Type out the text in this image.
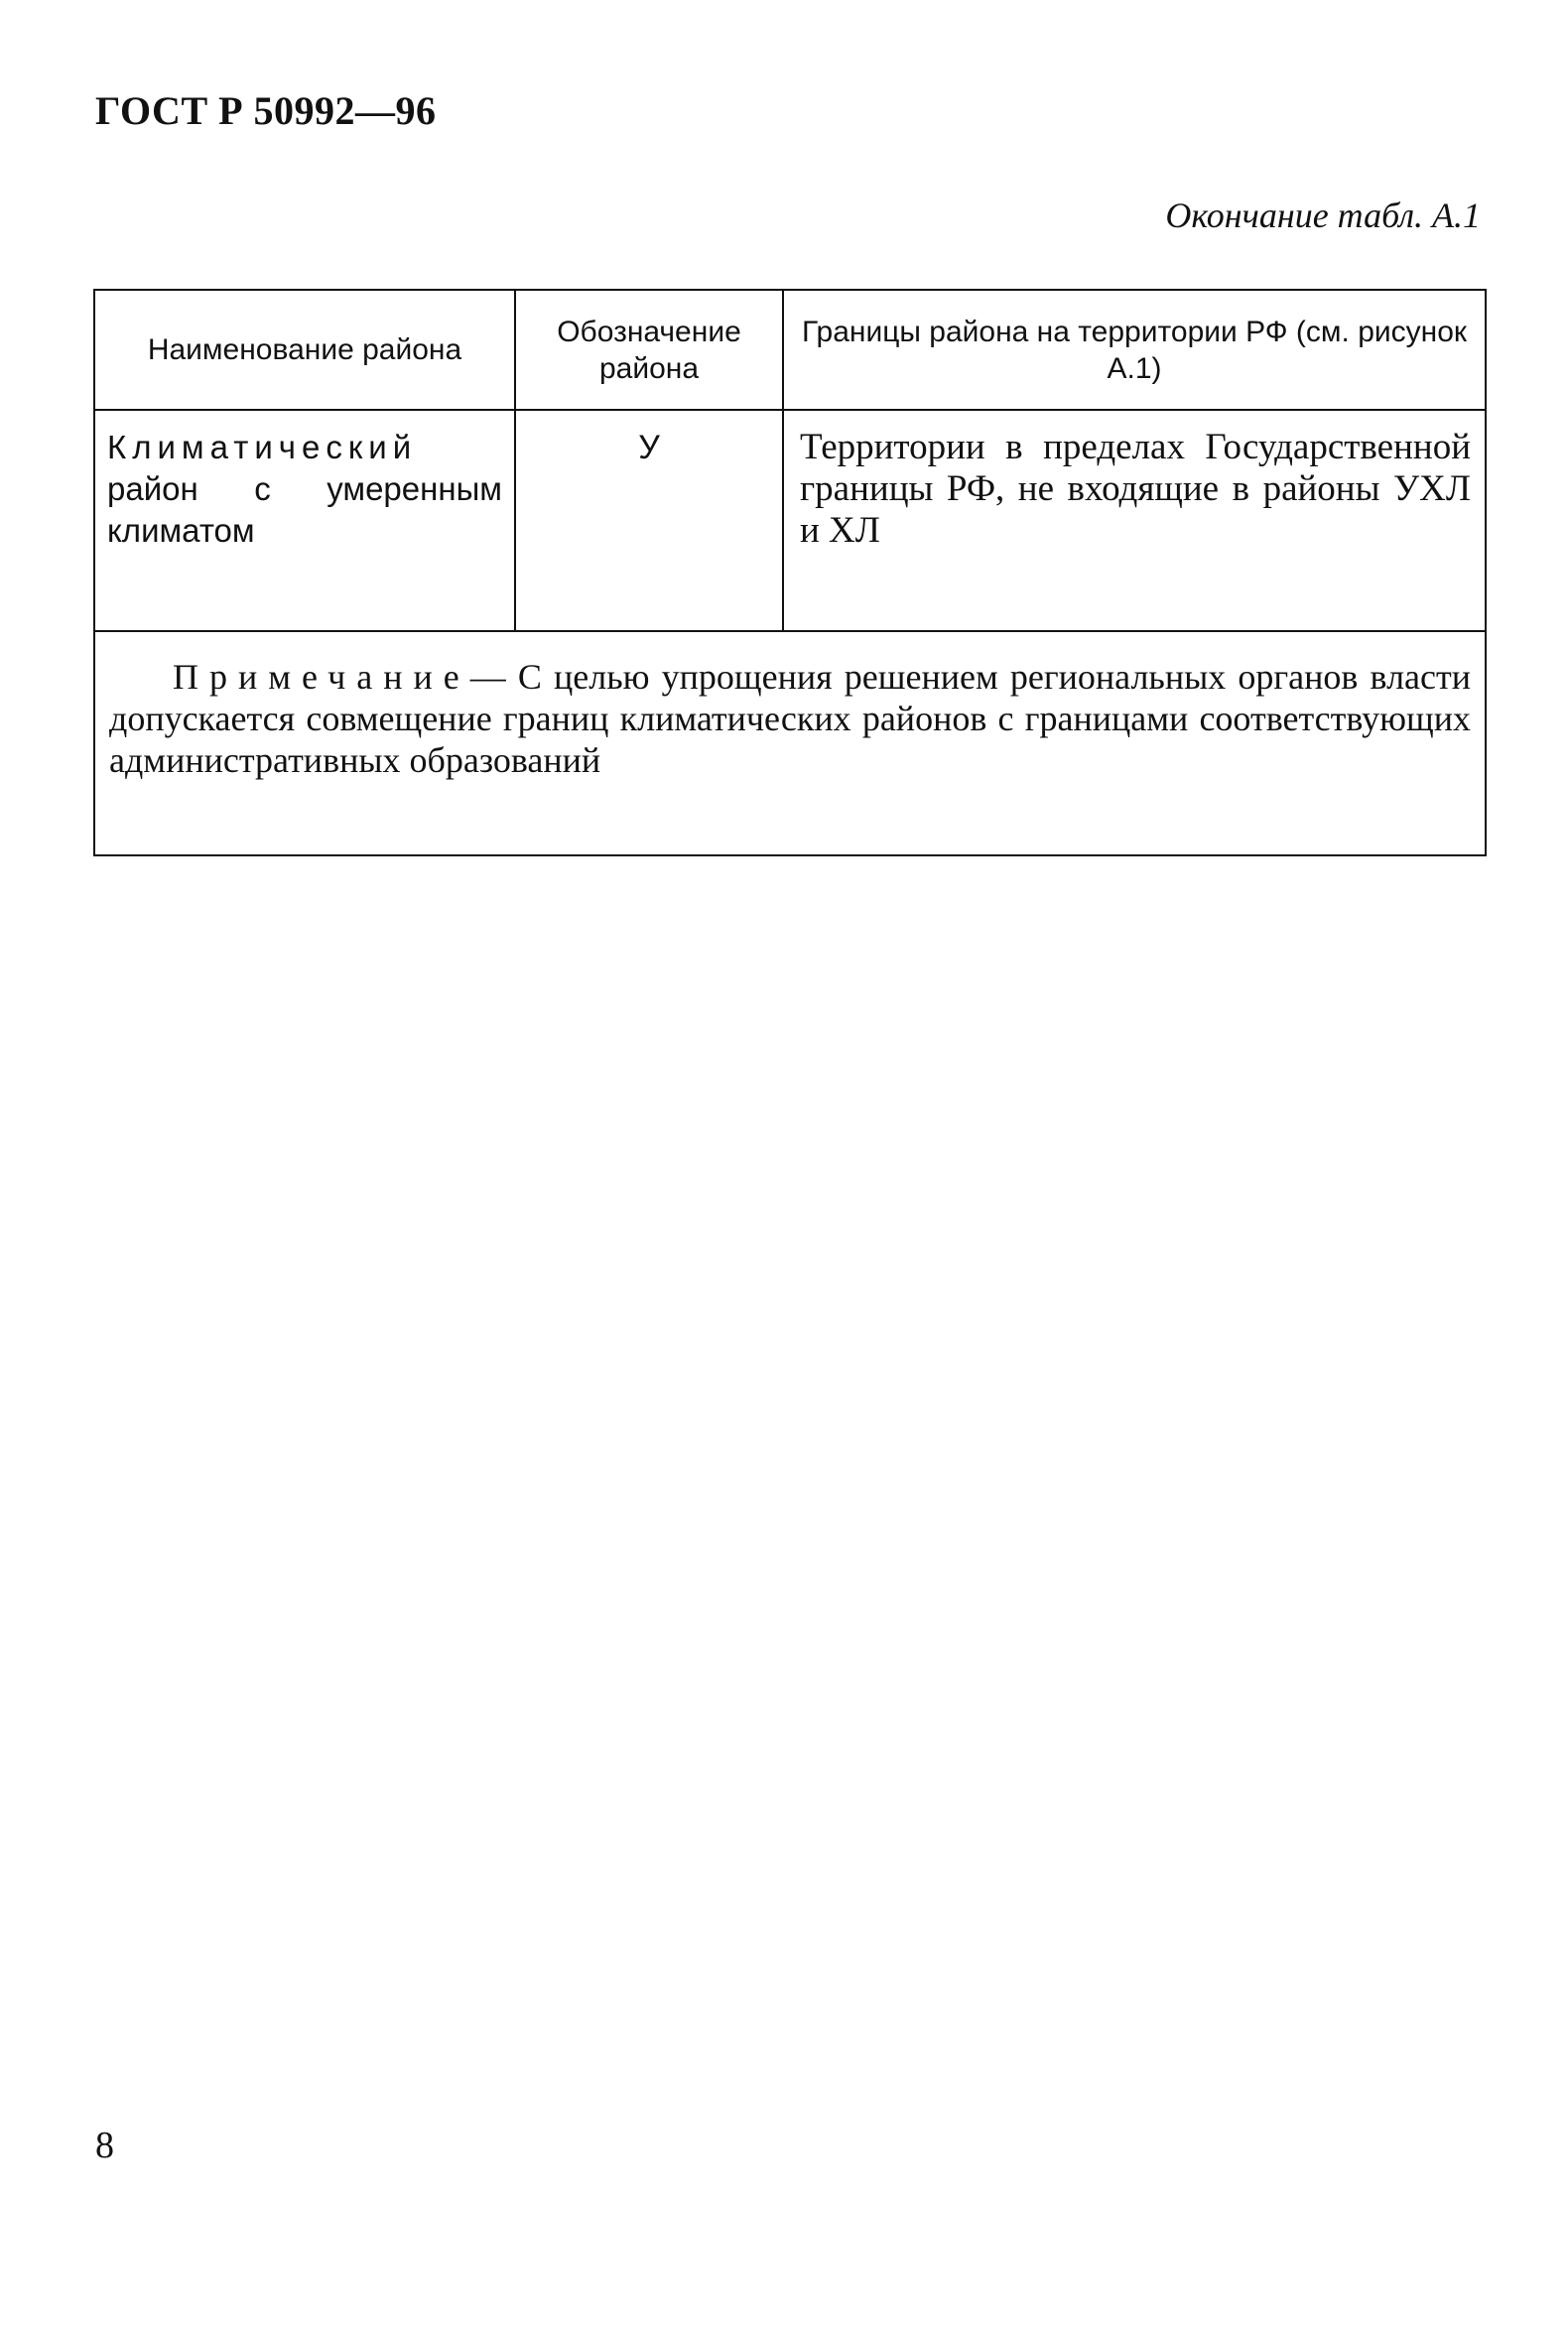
ГОСТ Р 50992—96

Окончание табл. А.1

Наименование района	Обозначение района	Границы района на территории РФ (см. рисунок А.1)
Климатический район с умеренным климатом	У	Территории в пределах Государственной границы РФ, не входящие в районы УХЛ и ХЛ
Примечание— С целью упрощения решением региональных органов власти допускается совмещение границ климатических районов с границами соответствующих административных образований		

8
